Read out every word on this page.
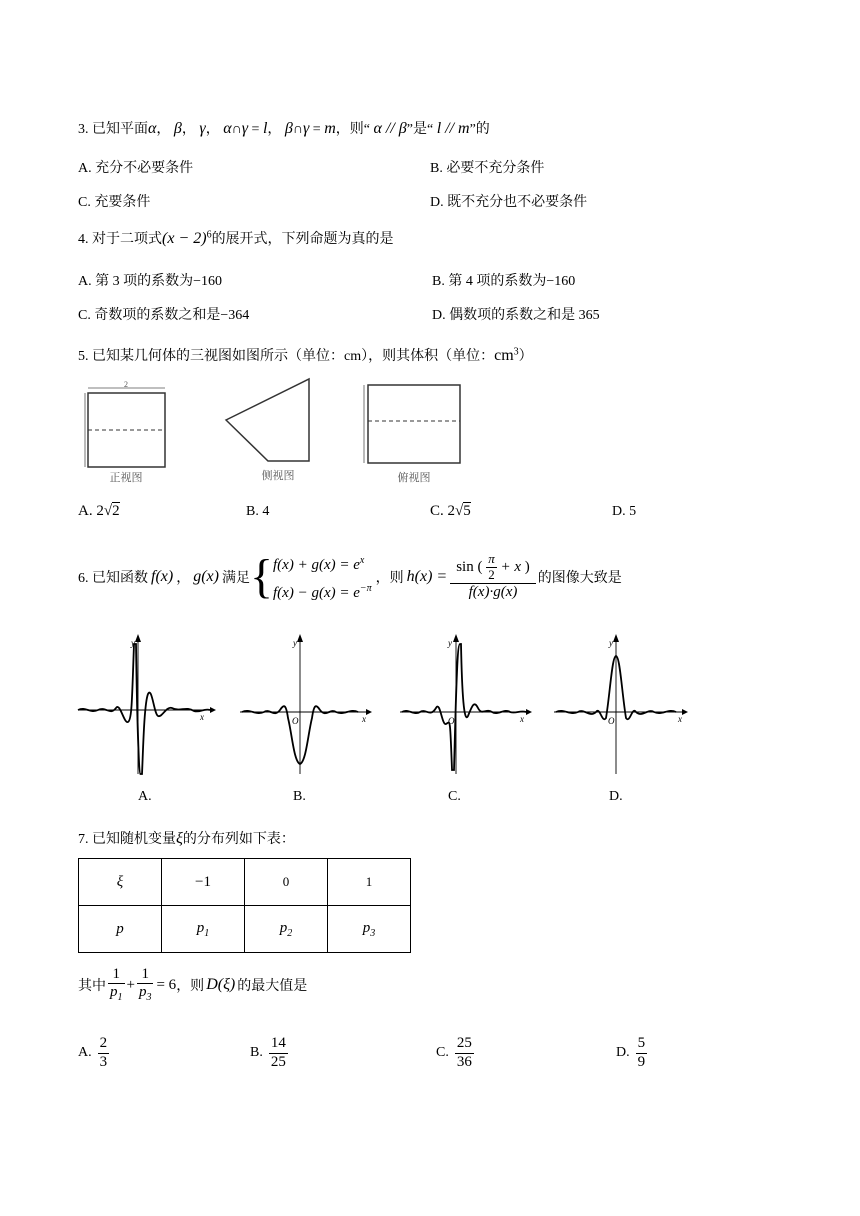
3. 已知平面α， β， γ， α∩γ = l， β∩γ = m，则“ α // β”是“ l // m”的
A. 充分不必要条件	B. 必要不充分条件
C. 充要条件	D. 既不充分也不必要条件
4. 对于二项式$(x - 2)^6$的展开式，下列命题为真的是
A. 第 3 项的系数为−160	B. 第 4 项的系数为−160
C. 奇数项的系数之和是−364	D. 偶数项的系数之和是 365
5. 已知某几何体的三视图如图所示（单位：cm），则其体积（单位：$cm^3$）
2
正视图	侧视图	俯视图
A. 2√2	B. 4	C. 2√5	D. 5
6. 已知函数 f(x) ， g(x) 满足 { $f(x) + g(x) = e^x$
$f(x) - g(x) = e^{-\pi}$
，则 h(x) =
sin ( $\frac{\pi}{2} + x$ )
f(x)·g(x)
的图像大致是
x
y
x
y
O	x
y
O	x
y
O
A.	B.	C.	D.
7. 已知随机变量ξ的分布列如下表：
ξ	−1	0	1
p	$p_1$	$p_2$	$p_3$
其中 $\frac{1}{p_1} + \frac{1}{p_3} = 6$ ，则 D(ξ) 的最大值是
A. $\frac{2}{3}$	B. $\frac{14}{25}$	C. $\frac{25}{36}$	D. $\frac{5}{9}$
